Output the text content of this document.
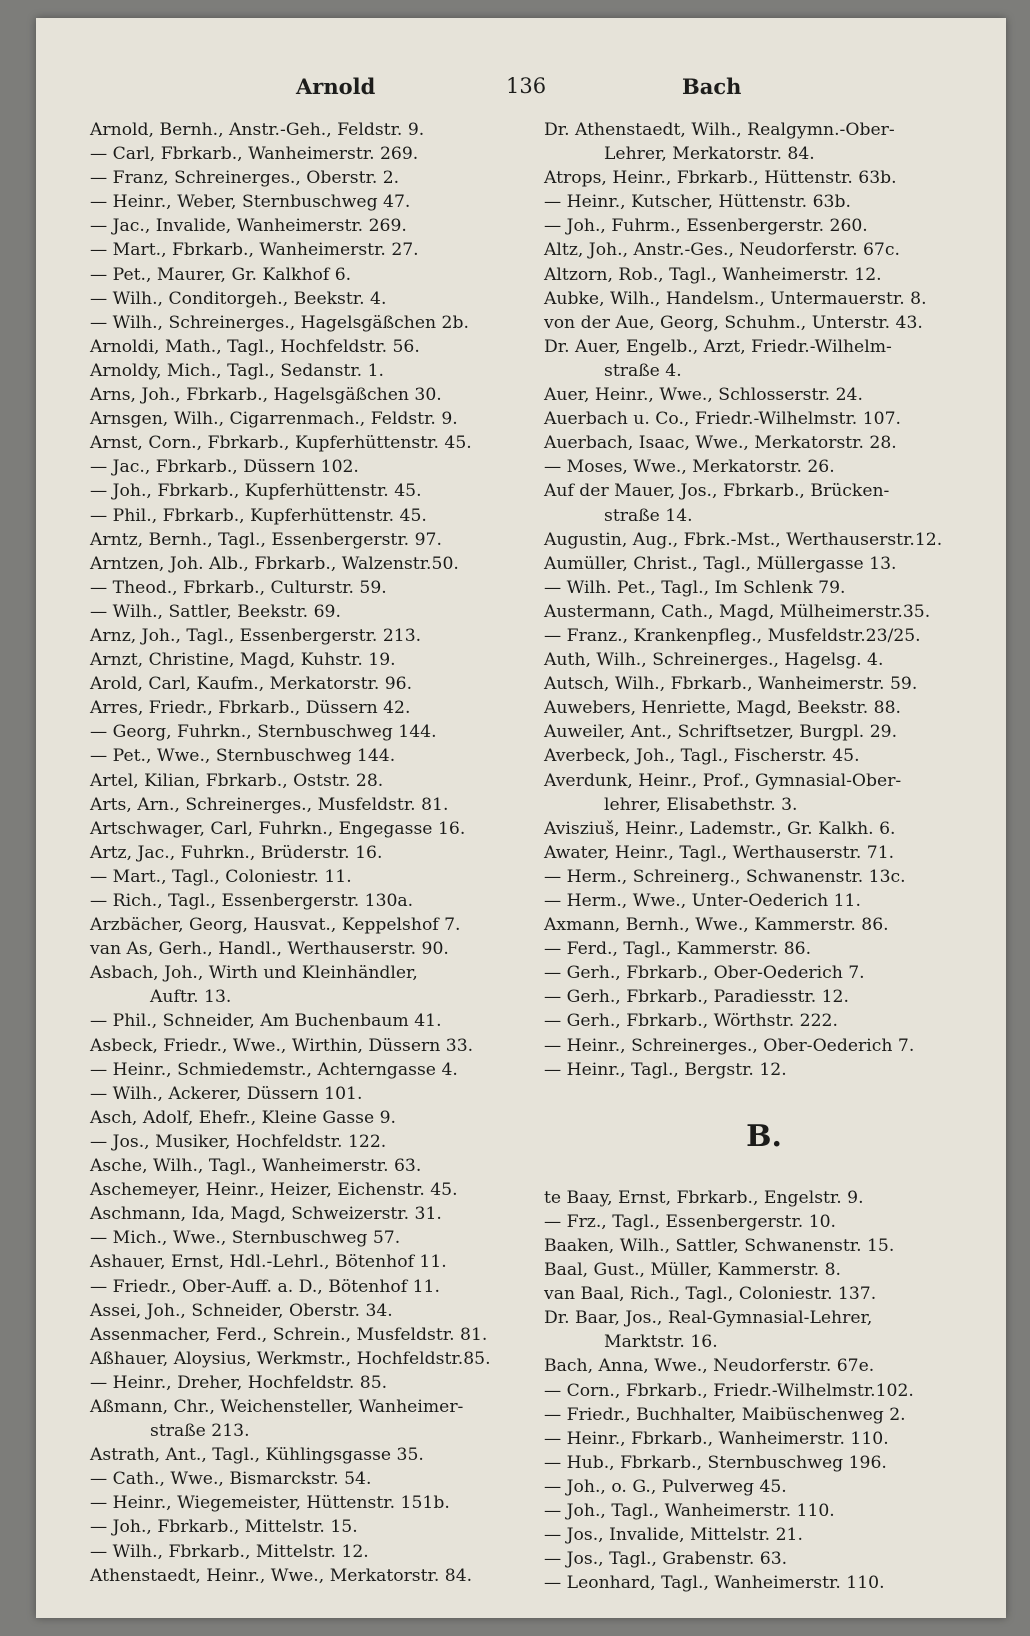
Arnold	136	Bach
Arnold, Bernh., Anstr.-Geh., Feldstr. 9.
— Carl, Fbrkarb., Wanheimerstr. 269.
— Franz, Schreinerges., Oberstr. 2.
— Heinr., Weber, Sternbuschweg 47.
— Jac., Invalide, Wanheimerstr. 269.
— Mart., Fbrkarb., Wanheimerstr. 27.
— Pet., Maurer, Gr. Kalkhof 6.
— Wilh., Conditorgeh., Beekstr. 4.
— Wilh., Schreinerges., Hagelsgäßchen 2b.
Arnoldi, Math., Tagl., Hochfeldstr. 56.
Arnoldy, Mich., Tagl., Sedanstr. 1.
Arns, Joh., Fbrkarb., Hagelsgäßchen 30.
Arnsgen, Wilh., Cigarrenmach., Feldstr. 9.
Arnst, Corn., Fbrkarb., Kupferhüttenstr. 45.
— Jac., Fbrkarb., Düssern 102.
— Joh., Fbrkarb., Kupferhüttenstr. 45.
— Phil., Fbrkarb., Kupferhüttenstr. 45.
Arntz, Bernh., Tagl., Essenbergerstr. 97.
Arntzen, Joh. Alb., Fbrkarb., Walzenstr.50.
— Theod., Fbrkarb., Culturstr. 59.
— Wilh., Sattler, Beekstr. 69.
Arnz, Joh., Tagl., Essenbergerstr. 213.
Arnzt, Christine, Magd, Kuhstr. 19.
Arold, Carl, Kaufm., Merkatorstr. 96.
Arres, Friedr., Fbrkarb., Düssern 42.
— Georg, Fuhrkn., Sternbuschweg 144.
— Pet., Wwe., Sternbuschweg 144.
Artel, Kilian, Fbrkarb., Oststr. 28.
Arts, Arn., Schreinerges., Musfeldstr. 81.
Artschwager, Carl, Fuhrkn., Engegasse 16.
Artz, Jac., Fuhrkn., Brüderstr. 16.
— Mart., Tagl., Coloniestr. 11.
— Rich., Tagl., Essenbergerstr. 130a.
Arzbächer, Georg, Hausvat., Keppelshof 7.
van As, Gerh., Handl., Werthauserstr. 90.
Asbach, Joh., Wirth und Kleinhändler,
Auftr. 13.
— Phil., Schneider, Am Buchenbaum 41.
Asbeck, Friedr., Wwe., Wirthin, Düssern 33.
— Heinr., Schmiedemstr., Achterngasse 4.
— Wilh., Ackerer, Düssern 101.
Asch, Adolf, Ehefr., Kleine Gasse 9.
— Jos., Musiker, Hochfeldstr. 122.
Asche, Wilh., Tagl., Wanheimerstr. 63.
Aschemeyer, Heinr., Heizer, Eichenstr. 45.
Aschmann, Ida, Magd, Schweizerstr. 31.
— Mich., Wwe., Sternbuschweg 57.
Ashauer, Ernst, Hdl.-Lehrl., Bötenhof 11.
— Friedr., Ober-Auff. a. D., Bötenhof 11.
Assei, Joh., Schneider, Oberstr. 34.
Assenmacher, Ferd., Schrein., Musfeldstr. 81.
Aßhauer, Aloysius, Werkmstr., Hochfeldstr.85.
— Heinr., Dreher, Hochfeldstr. 85.
Aßmann, Chr., Weichensteller, Wanheimer-
straße 213.
Astrath, Ant., Tagl., Kühlingsgasse 35.
— Cath., Wwe., Bismarckstr. 54.
— Heinr., Wiegemeister, Hüttenstr. 151b.
— Joh., Fbrkarb., Mittelstr. 15.
— Wilh., Fbrkarb., Mittelstr. 12.
Athenstaedt, Heinr., Wwe., Merkatorstr. 84.
Dr. Athenstaedt, Wilh., Realgymn.-Ober-
Lehrer, Merkatorstr. 84.
Atrops, Heinr., Fbrkarb., Hüttenstr. 63b.
— Heinr., Kutscher, Hüttenstr. 63b.
— Joh., Fuhrm., Essenbergerstr. 260.
Altz, Joh., Anstr.-Ges., Neudorferstr. 67c.
Altzorn, Rob., Tagl., Wanheimerstr. 12.
Aubke, Wilh., Handelsm., Untermauerstr. 8.
von der Aue, Georg, Schuhm., Unterstr. 43.
Dr. Auer, Engelb., Arzt, Friedr.-Wilhelm-
straße 4.
Auer, Heinr., Wwe., Schlosserstr. 24.
Auerbach u. Co., Friedr.-Wilhelmstr. 107.
Auerbach, Isaac, Wwe., Merkatorstr. 28.
— Moses, Wwe., Merkatorstr. 26.
Auf der Mauer, Jos., Fbrkarb., Brücken-
straße 14.
Augustin, Aug., Fbrk.-Mst., Werthauserstr.12.
Aumüller, Christ., Tagl., Müllergasse 13.
— Wilh. Pet., Tagl., Im Schlenk 79.
Austermann, Cath., Magd, Mülheimerstr.35.
— Franz., Krankenpfleg., Musfeldstr.23/25.
Auth, Wilh., Schreinerges., Hagelsg. 4.
Autsch, Wilh., Fbrkarb., Wanheimerstr. 59.
Auwebers, Henriette, Magd, Beekstr. 88.
Auweiler, Ant., Schriftsetzer, Burgpl. 29.
Averbeck, Joh., Tagl., Fischerstr. 45.
Averdunk, Heinr., Prof., Gymnasial-Ober-
lehrer, Elisabethstr. 3.
Avisziuš, Heinr., Lademstr., Gr. Kalkh. 6.
Awater, Heinr., Tagl., Werthauserstr. 71.
— Herm., Schreinerg., Schwanenstr. 13c.
— Herm., Wwe., Unter-Oederich 11.
Axmann, Bernh., Wwe., Kammerstr. 86.
— Ferd., Tagl., Kammerstr. 86.
— Gerh., Fbrkarb., Ober-Oederich 7.
— Gerh., Fbrkarb., Paradiesstr. 12.
— Gerh., Fbrkarb., Wörthstr. 222.
— Heinr., Schreinerges., Ober-Oederich 7.
— Heinr., Tagl., Bergstr. 12.
B.
te Baay, Ernst, Fbrkarb., Engelstr. 9.
— Frz., Tagl., Essenbergerstr. 10.
Baaken, Wilh., Sattler, Schwanenstr. 15.
Baal, Gust., Müller, Kammerstr. 8.
van Baal, Rich., Tagl., Coloniestr. 137.
Dr. Baar, Jos., Real-Gymnasial-Lehrer,
Marktstr. 16.
Bach, Anna, Wwe., Neudorferstr. 67e.
— Corn., Fbrkarb., Friedr.-Wilhelmstr.102.
— Friedr., Buchhalter, Maibüschenweg 2.
— Heinr., Fbrkarb., Wanheimerstr. 110.
— Hub., Fbrkarb., Sternbuschweg 196.
— Joh., o. G., Pulverweg 45.
— Joh., Tagl., Wanheimerstr. 110.
— Jos., Invalide, Mittelstr. 21.
— Jos., Tagl., Grabenstr. 63.
— Leonhard, Tagl., Wanheimerstr. 110.
